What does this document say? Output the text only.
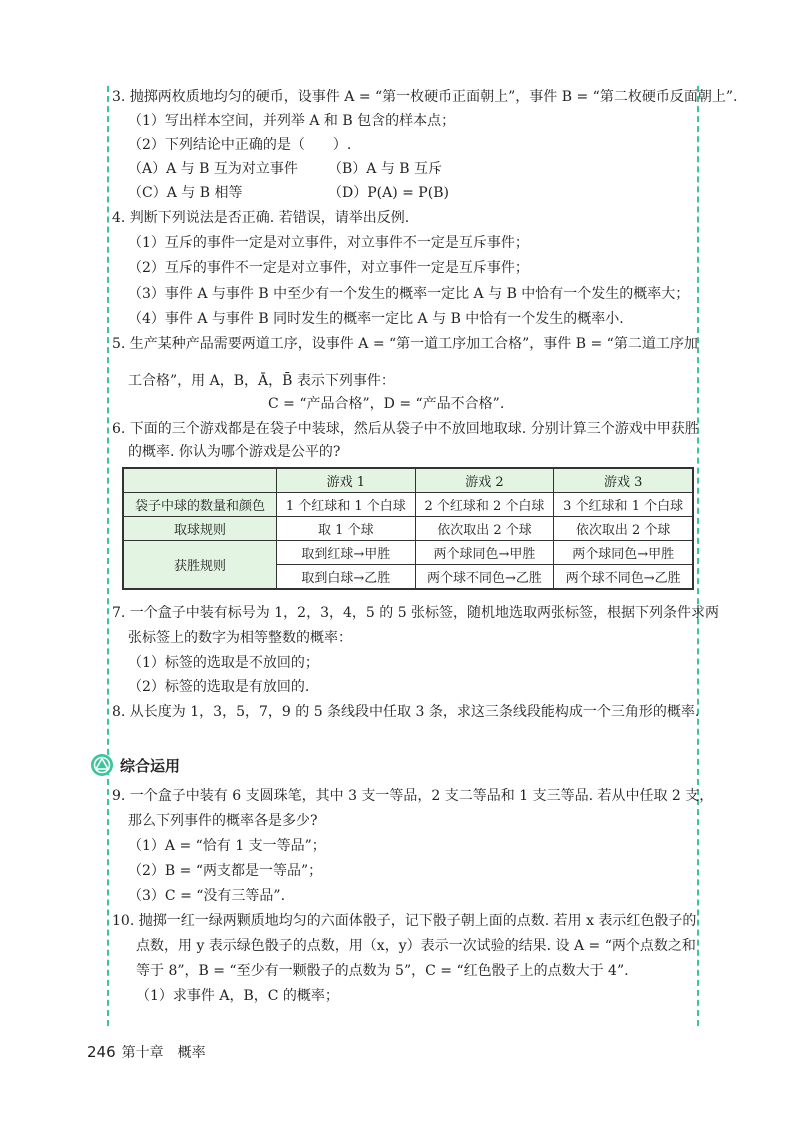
3. 抛掷两枚质地均匀的硬币，设事件 A = “第一枚硬币正面朝上”，事件 B = “第二枚硬币反面朝上”.
（1）写出样本空间，并列举 A 和 B 包含的样本点；
（2）下列结论中正确的是（　　）.
（A）A 与 B 互为对立事件 （B）A 与 B 互斥
（C）A 与 B 相等	（D）P(A) = P(B)
4. 判断下列说法是否正确. 若错误，请举出反例.
（1）互斥的事件一定是对立事件，对立事件不一定是互斥事件；
（2）互斥的事件不一定是对立事件，对立事件一定是互斥事件；
（3）事件 A 与事件 B 中至少有一个发生的概率一定比 A 与 B 中恰有一个发生的概率大；
（4）事件 A 与事件 B 同时发生的概率一定比 A 与 B 中恰有一个发生的概率小.
5. 生产某种产品需要两道工序，设事件 A = “第一道工序加工合格”，事件 B = “第二道工序加
工合格”，用 A，B，Ā，B̄ 表示下列事件：
C = “产品合格”，D = “产品不合格”.
6. 下面的三个游戏都是在袋子中装球，然后从袋子中不放回地取球. 分别计算三个游戏中甲获胜
的概率. 你认为哪个游戏是公平的?
	游戏 1	游戏 2	游戏 3
袋子中球的数量和颜色	1 个红球和 1 个白球	2 个红球和 2 个白球	3 个红球和 1 个白球
取球规则	取 1 个球	依次取出 2 个球	依次取出 2 个球
获胜规则	取到红球→甲胜	两个球同色→甲胜	两个球同色→甲胜
	取到白球→乙胜	两个球不同色→乙胜	两个球不同色→乙胜
7. 一个盒子中装有标号为 1，2，3，4，5 的 5 张标签，随机地选取两张标签，根据下列条件求两
张标签上的数字为相等整数的概率：
（1）标签的选取是不放回的；
（2）标签的选取是有放回的.
8. 从长度为 1，3，5，7，9 的 5 条线段中任取 3 条，求这三条线段能构成一个三角形的概率.
综合运用
9. 一个盒子中装有 6 支圆珠笔，其中 3 支一等品，2 支二等品和 1 支三等品. 若从中任取 2 支，
那么下列事件的概率各是多少?
（1）A = “恰有 1 支一等品”；
（2）B = “两支都是一等品”；
（3）C = “没有三等品”.
10. 抛掷一红一绿两颗质地均匀的六面体骰子，记下骰子朝上面的点数. 若用 x 表示红色骰子的
点数，用 y 表示绿色骰子的点数，用（x，y）表示一次试验的结果. 设 A = “两个点数之和
等于 8”，B = “至少有一颗骰子的点数为 5”，C = “红色骰子上的点数大于 4”.
（1）求事件 A，B，C 的概率；
246 第十章　概率
